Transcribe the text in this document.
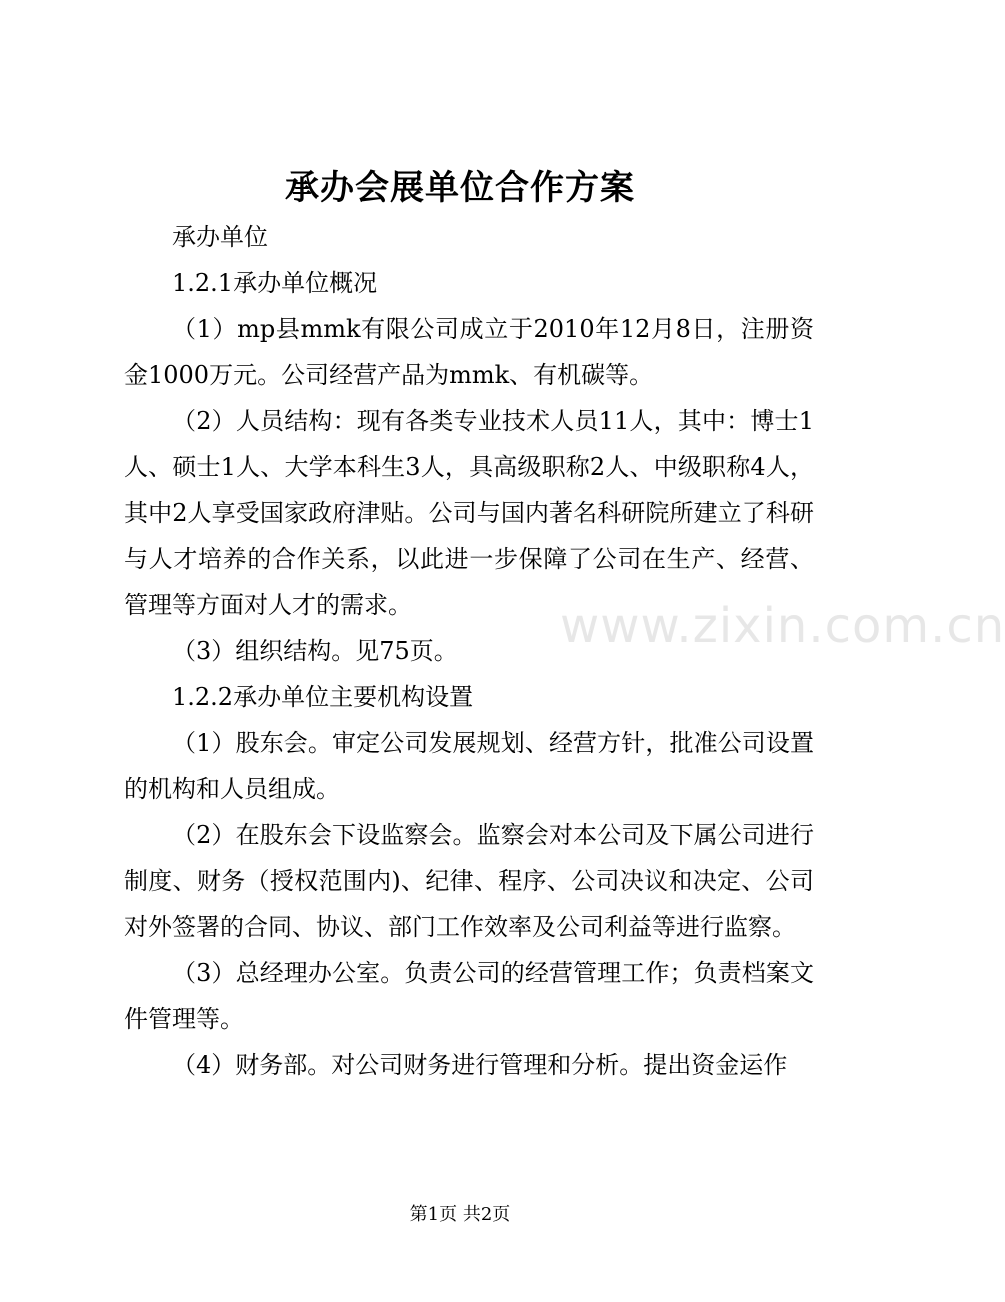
承办会展单位合作方案

承办单位

1.2.1承办单位概况

（1）mp县mmk有限公司成立于2010年12月8日，注册资金1000万元。公司经营产品为mmk、有机碳等。

（2）人员结构：现有各类专业技术人员11人，其中：博士1人、硕士1人、大学本科生3人，具高级职称2人、中级职称4人，其中2人享受国家政府津贴。公司与国内著名科研院所建立了科研与人才培养的合作关系，以此进一步保障了公司在生产、经营、管理等方面对人才的需求。

（3）组织结构。见75页。

1.2.2承办单位主要机构设置

（1）股东会。审定公司发展规划、经营方针，批准公司设置的机构和人员组成。

（2）在股东会下设监察会。监察会对本公司及下属公司进行制度、财务（授权范围内)、纪律、程序、公司决议和决定、公司对外签署的合同、协议、部门工作效率及公司利益等进行监察。

（3）总经理办公室。负责公司的经营管理工作；负责档案文件管理等。

（4）财务部。对公司财务进行管理和分析。提出资金运作

www.zixin.com.cn
第1页 共2页
